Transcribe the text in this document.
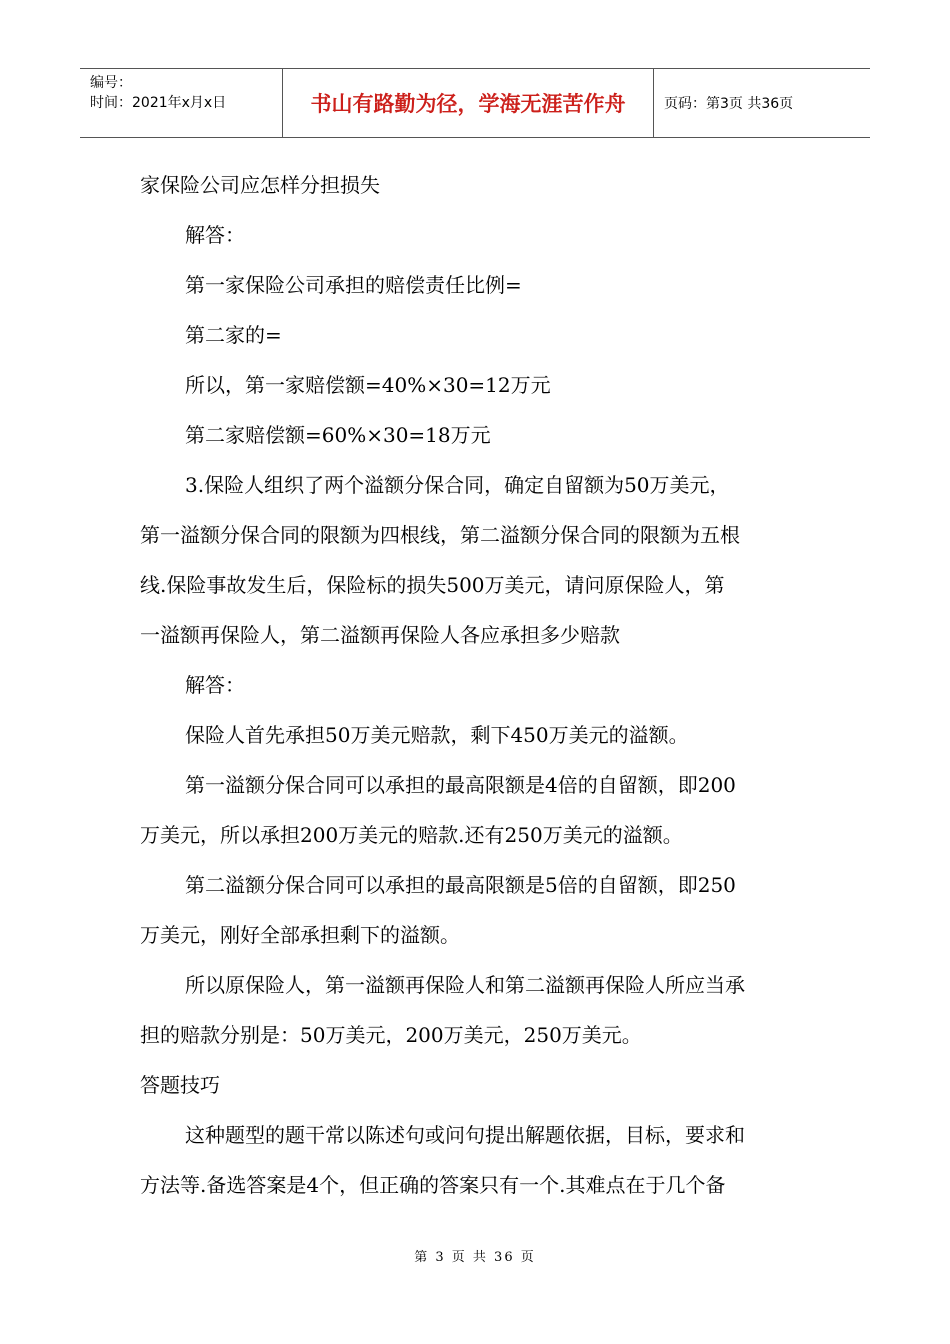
编号：
时间：2021年x月x日	书山有路勤为径，学海无涯苦作舟	页码：第3页 共36页
家保险公司应怎样分担损失
解答：
第一家保险公司承担的赔偿责任比例=
第二家的=
所以，第一家赔偿额=40%×30=12万元
第二家赔偿额=60%×30=18万元
3.保险人组织了两个溢额分保合同，确定自留额为50万美元，
第一溢额分保合同的限额为四根线，第二溢额分保合同的限额为五根
线.保险事故发生后，保险标的损失500万美元，请问原保险人，第
一溢额再保险人，第二溢额再保险人各应承担多少赔款
解答：
保险人首先承担50万美元赔款，剩下450万美元的溢额。
第一溢额分保合同可以承担的最高限额是4倍的自留额，即200
万美元，所以承担200万美元的赔款.还有250万美元的溢额。
第二溢额分保合同可以承担的最高限额是5倍的自留额，即250
万美元，刚好全部承担剩下的溢额。
所以原保险人，第一溢额再保险人和第二溢额再保险人所应当承
担的赔款分别是：50万美元，200万美元，250万美元。
答题技巧
这种题型的题干常以陈述句或问句提出解题依据，目标，要求和
方法等.备选答案是4个，但正确的答案只有一个.其难点在于几个备
第 3 页 共 36 页
